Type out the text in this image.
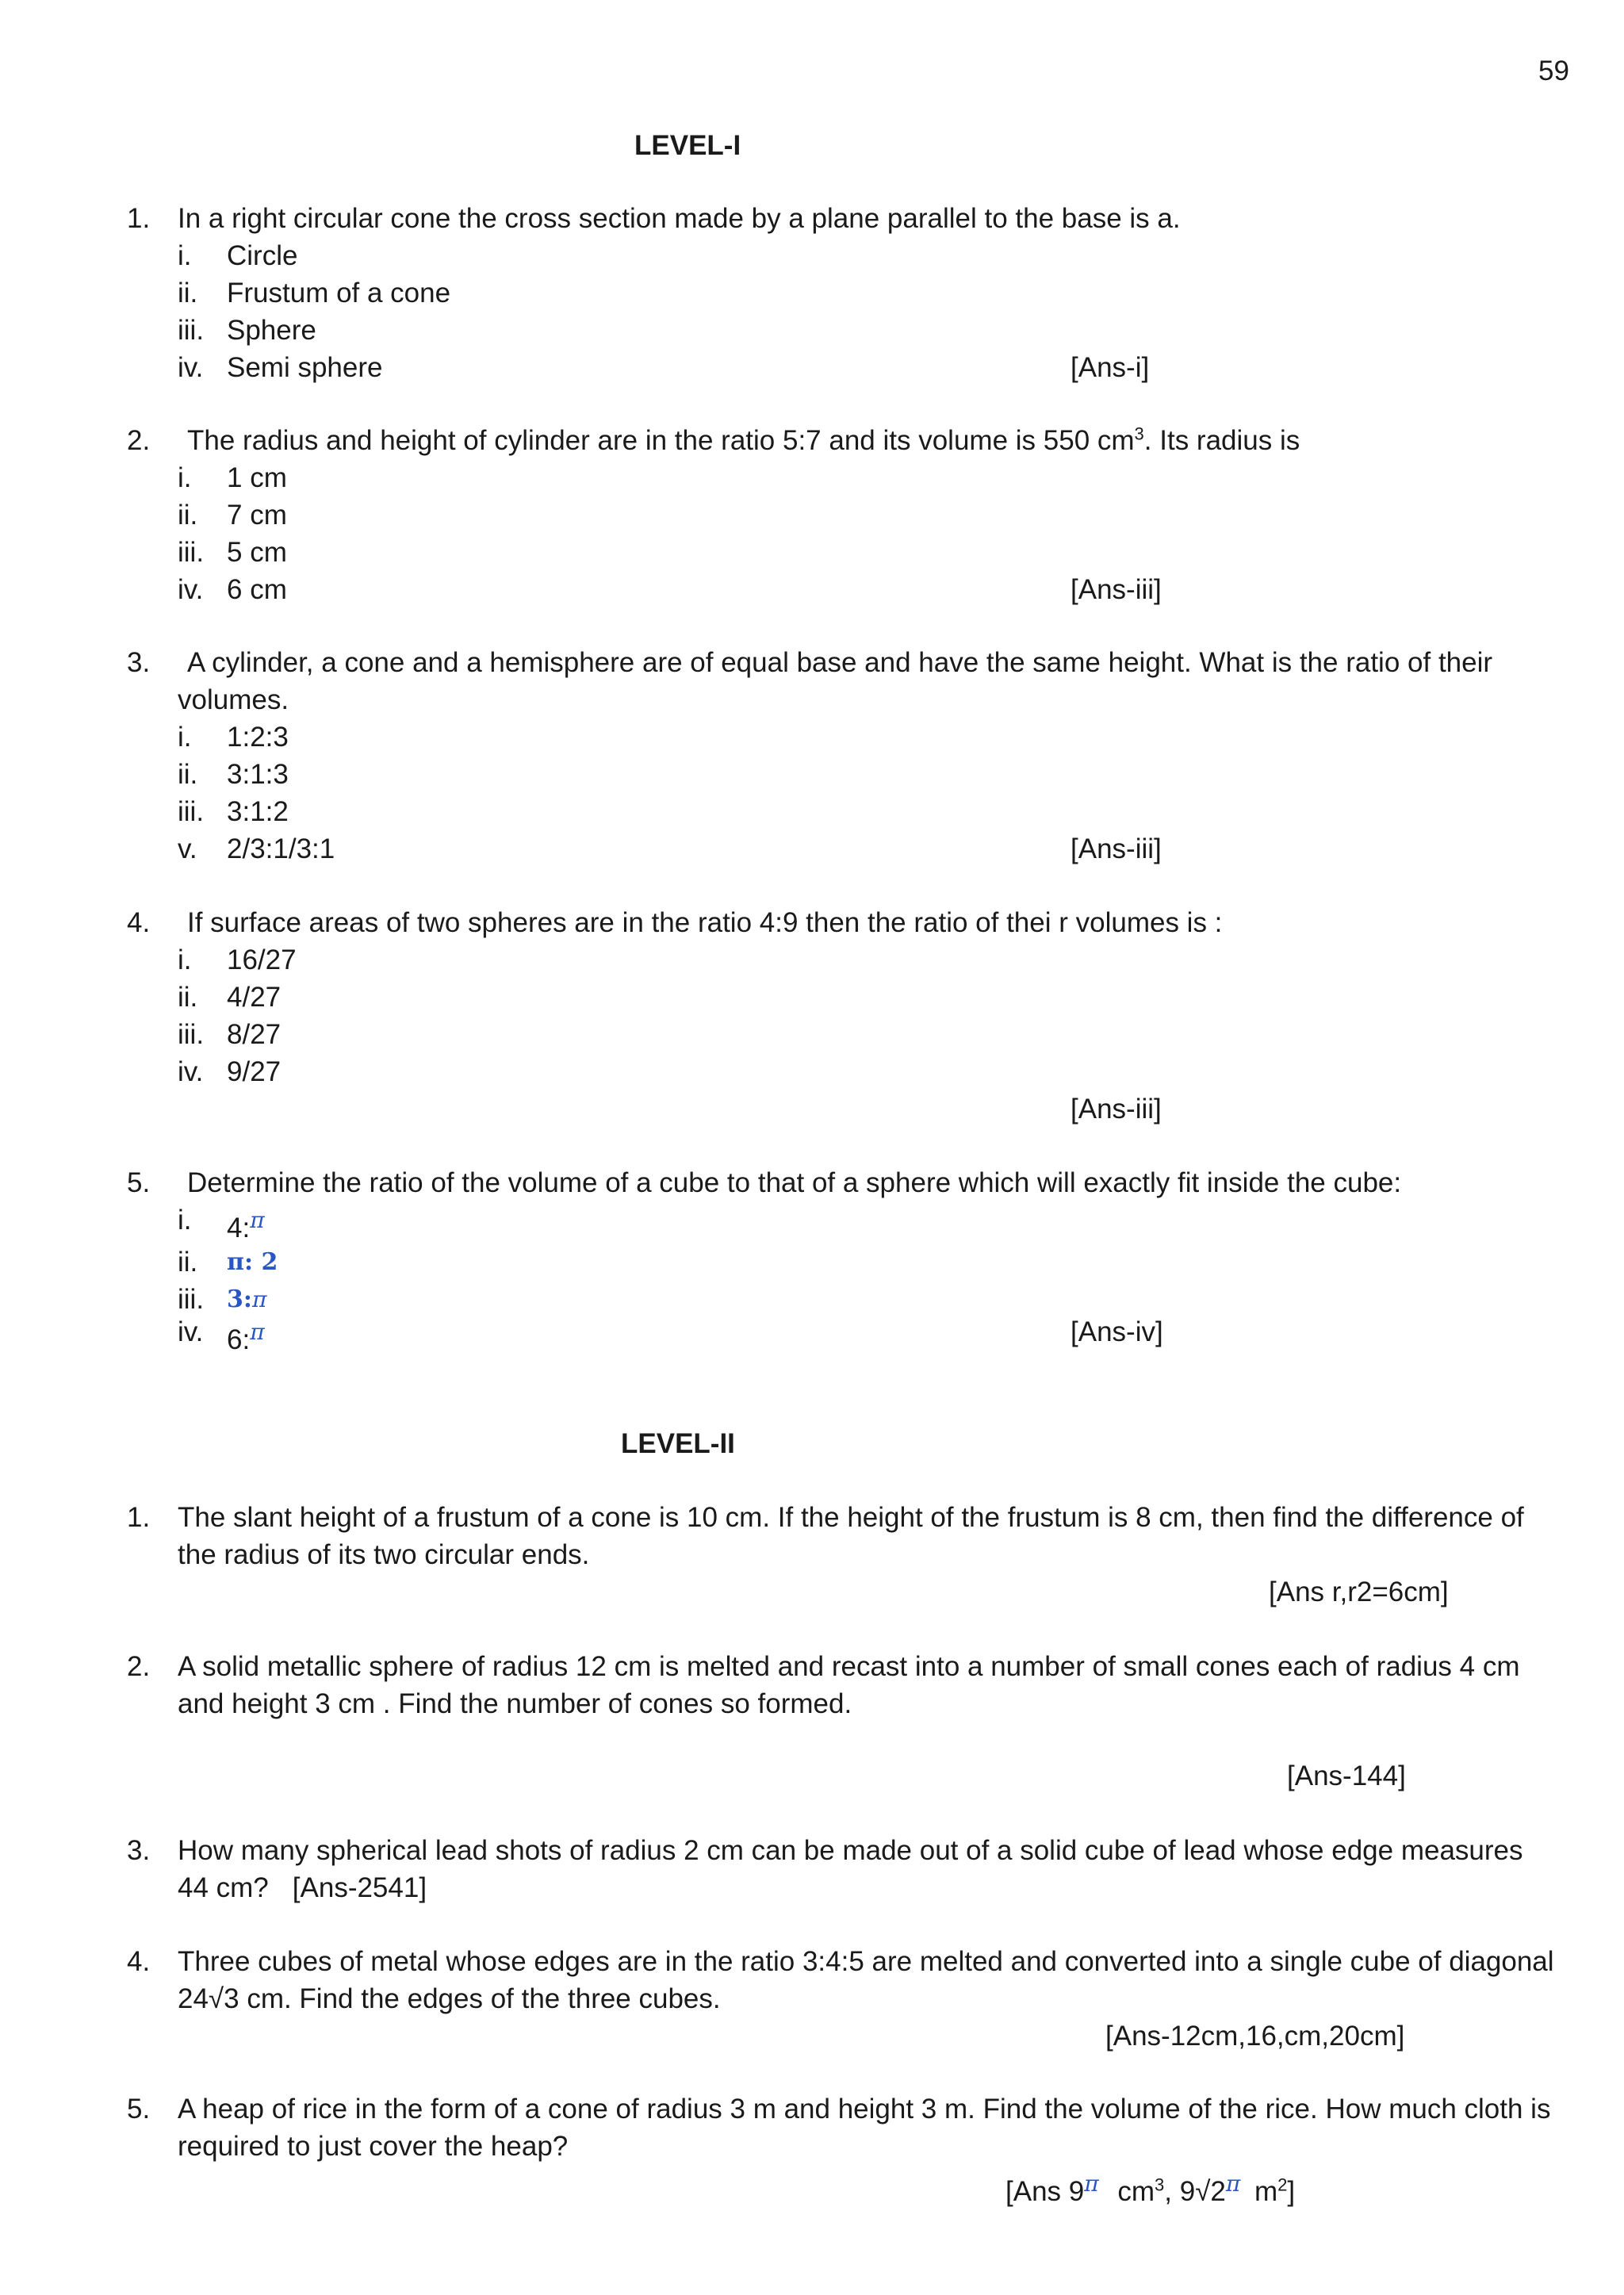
59
LEVEL-I
1. In a right circular cone the cross section made by a plane parallel to the base is a.
i.	Circle
ii.	Frustum of a cone
iii. Sphere
iv. Semi sphere	[Ans-i]
2.	The radius and height of cylinder are in the ratio 5:7 and its volume is 550 $cm^3$. Its radius is
i.	1 cm
ii.	7 cm
iii. 5 cm
iv. 6 cm	[Ans-iii]
3.	A cylinder, a cone and a hemisphere are of equal base and have the same height. What is the ratio of their volumes.
i.	1:2:3
ii.	3:1:3
iii. 3:1:2
v.	2/3:1/3:1	[Ans-iii]
4.	If surface areas of two spheres are in the ratio 4:9 then the ratio of thei r volumes is :
i.	16/27
ii.	4/27
iii. 8/27
iv. 9/27
[Ans-iii]
5.	Determine the ratio of the volume of a cube to that of a sphere which will exactly fit inside the cube:
i.	4:$^\pi$
ii.	π: 2
iii. 3:π
iv. 6:$^\pi$	[Ans-iv]
LEVEL-II
1. The slant height of a frustum of a cone is 10 cm. If the height of the frustum is 8 cm, then find the difference of the radius of its two circular ends.
[Ans r,r2=6cm]
2. A solid metallic sphere of radius 12 cm is melted and recast into a number of small cones each of radius 4 cm and height 3 cm . Find the number of cones so formed.
[Ans-144]
3. How many spherical lead shots of radius 2 cm can be made out of a solid cube of lead whose edge measures 44 cm? [Ans-2541]
4. Three cubes of metal whose edges are in the ratio 3:4:5 are melted and converted into a single cube of diagonal 24√3 cm. Find the edges of the three cubes.
[Ans-12cm,16,cm,20cm]
5. A heap of rice in the form of a cone of radius 3 m and height 3 m. Find the volume of the rice. How much cloth is required to just cover the heap?
[Ans $9^\pi$ $cm^3$, $9√2^\pi$ $m^2$]
